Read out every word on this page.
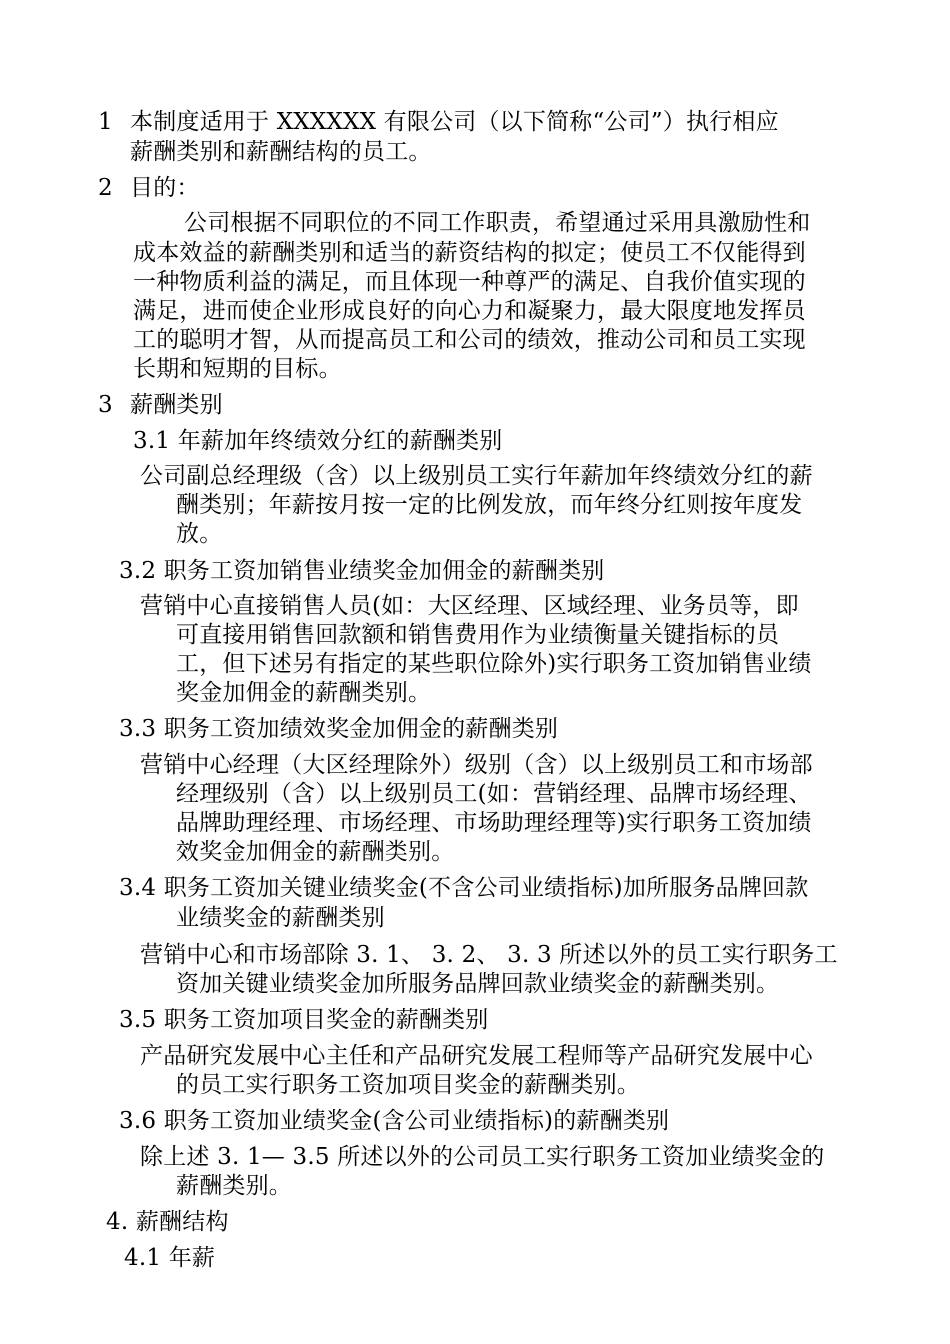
1 本制度适用于 XXXXXX 有限公司（以下简称“公司”）执行相应
薪酬类别和薪酬结构的员工。
2 目的：
公司根据不同职位的不同工作职责，希望通过采用具激励性和
成本效益的薪酬类别和适当的薪资结构的拟定；使员工不仅能得到
一种物质利益的满足，而且体现一种尊严的满足、自我价值实现的
满足，进而使企业形成良好的向心力和凝聚力，最大限度地发挥员
工的聪明才智，从而提高员工和公司的绩效，推动公司和员工实现
长期和短期的目标。
3 薪酬类别
3.1 年薪加年终绩效分红的薪酬类别
公司副总经理级（含）以上级别员工实行年薪加年终绩效分红的薪
酬类别；年薪按月按一定的比例发放，而年终分红则按年度发
放。
3.2 职务工资加销售业绩奖金加佣金的薪酬类别
营销中心直接销售人员(如：大区经理、区域经理、业务员等，即
可直接用销售回款额和销售费用作为业绩衡量关键指标的员
工，但下述另有指定的某些职位除外)实行职务工资加销售业绩
奖金加佣金的薪酬类别。
3.3 职务工资加绩效奖金加佣金的薪酬类别
营销中心经理（大区经理除外）级别（含）以上级别员工和市场部
经理级别（含）以上级别员工(如：营销经理、品牌市场经理、
品牌助理经理、市场经理、市场助理经理等)实行职务工资加绩
效奖金加佣金的薪酬类别。
3.4 职务工资加关键业绩奖金(不含公司业绩指标)加所服务品牌回款
业绩奖金的薪酬类别
营销中心和市场部除 3. 1、 3. 2、 3. 3 所述以外的员工实行职务工
资加关键业绩奖金加所服务品牌回款业绩奖金的薪酬类别。
3.5 职务工资加项目奖金的薪酬类别
产品研究发展中心主任和产品研究发展工程师等产品研究发展中心
的员工实行职务工资加项目奖金的薪酬类别。
3.6 职务工资加业绩奖金(含公司业绩指标)的薪酬类别
除上述 3. 1— 3.5 所述以外的公司员工实行职务工资加业绩奖金的
薪酬类别。
4. 薪酬结构
4.1 年薪
